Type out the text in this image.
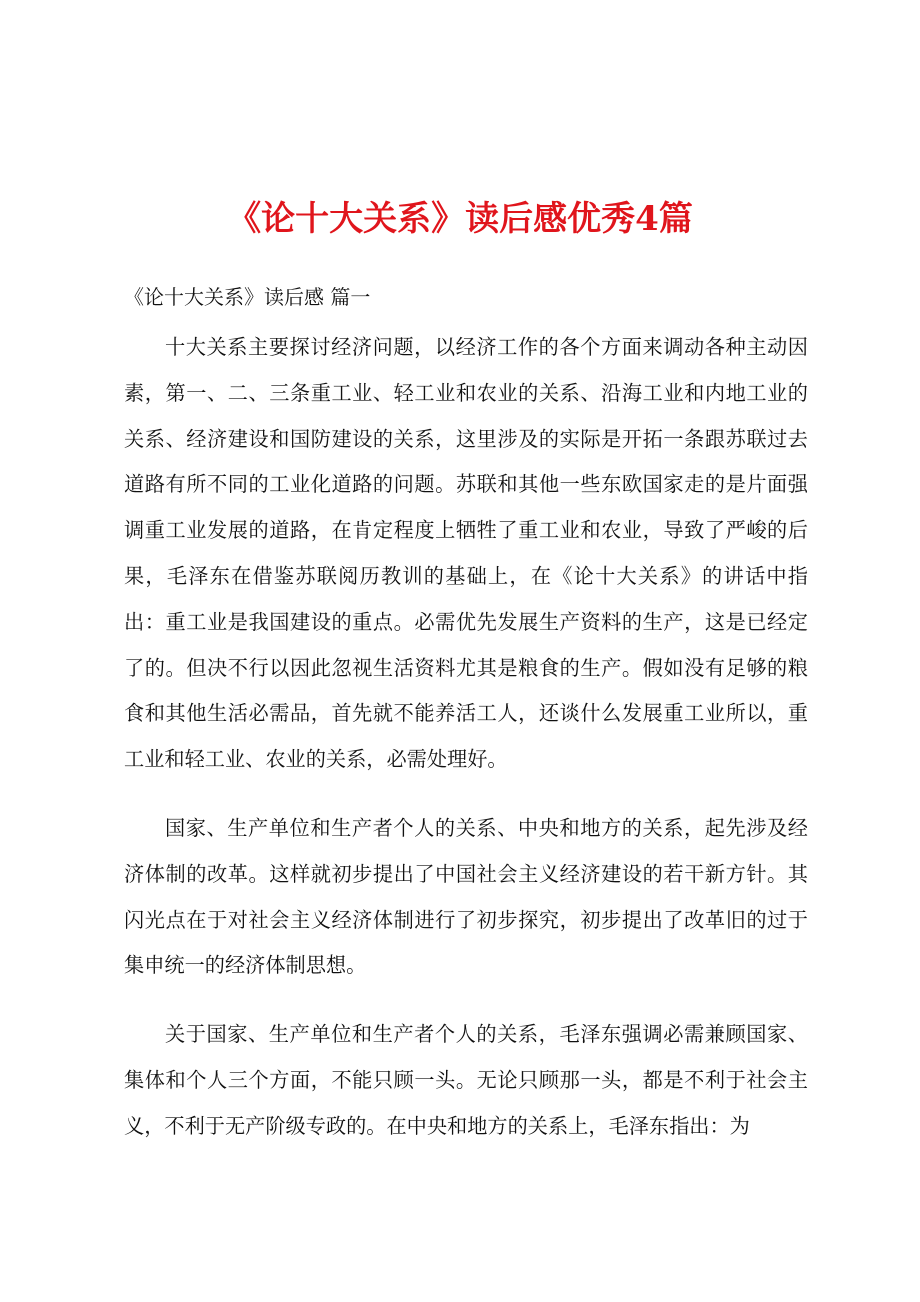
《论十大关系》读后感优秀4篇

《论十大关系》读后感 篇一

十大关系主要探讨经济问题，以经济工作的各个方面来调动各种主动因素，第一、二、三条重工业、轻工业和农业的关系、沿海工业和内地工业的关系、经济建设和国防建设的关系，这里涉及的实际是开拓一条跟苏联过去道路有所不同的工业化道路的问题。苏联和其他一些东欧国家走的是片面强调重工业发展的道路，在肯定程度上牺牲了重工业和农业，导致了严峻的后果，毛泽东在借鉴苏联阅历教训的基础上，在《论十大关系》的讲话中指出：重工业是我国建设的重点。必需优先发展生产资料的生产，这是已经定了的。但决不行以因此忽视生活资料尤其是粮食的生产。假如没有足够的粮食和其他生活必需品，首先就不能养活工人，还谈什么发展重工业所以，重工业和轻工业、农业的关系，必需处理好。

国家、生产单位和生产者个人的关系、中央和地方的关系，起先涉及经济体制的改革。这样就初步提出了中国社会主义经济建设的若干新方针。其闪光点在于对社会主义经济体制进行了初步探究，初步提出了改革旧的过于集申统一的经济体制思想。

关于国家、生产单位和生产者个人的关系，毛泽东强调必需兼顾国家、集体和个人三个方面，不能只顾一头。无论只顾那一头，都是不利于社会主义，不利于无产阶级专政的。在中央和地方的关系上，毛泽东指出：为
